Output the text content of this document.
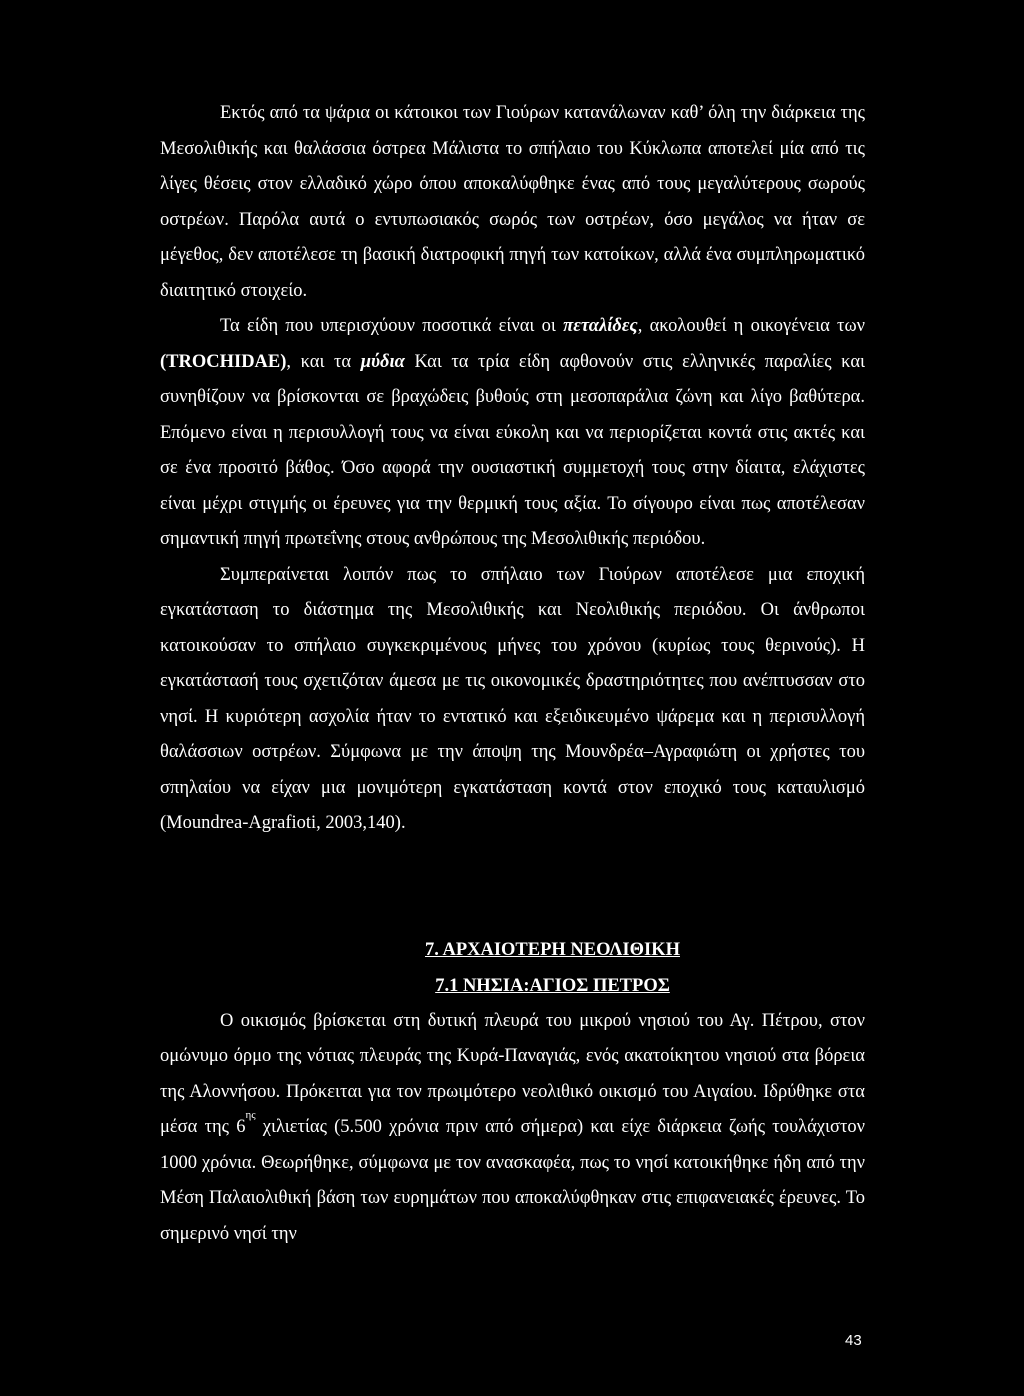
Εκτός από τα ψάρια οι κάτοικοι των Γιούρων κατανάλωναν καθ’ όλη την διάρκεια της Μεσολιθικής και θαλάσσια όστρεα Μάλιστα το σπήλαιο του Κύκλωπα αποτελεί μία από τις λίγες θέσεις στον ελλαδικό χώρο όπου αποκαλύφθηκε ένας από τους μεγαλύτερους σωρούς οστρέων. Παρόλα αυτά ο εντυπωσιακός σωρός των οστρέων, όσο μεγάλος να ήταν σε μέγεθος, δεν αποτέλεσε τη βασική διατροφική πηγή των κατοίκων, αλλά ένα συμπληρωματικό διαιτητικό στοιχείο.

Τα είδη που υπερισχύουν ποσοτικά είναι οι πεταλίδες, ακολουθεί η οικογένεια των (TROCHIDAE), και τα μύδια Και τα τρία είδη αφθονούν στις ελληνικές παραλίες και συνηθίζουν να βρίσκονται σε βραχώδεις βυθούς στη μεσοπαράλια ζώνη και λίγο βαθύτερα. Επόμενο είναι η περισυλλογή τους να είναι εύκολη και να περιορίζεται κοντά στις ακτές και σε ένα προσιτό βάθος. Όσο αφορά την ουσιαστική συμμετοχή τους στην δίαιτα, ελάχιστες είναι μέχρι στιγμής οι έρευνες για την θερμική τους αξία. Το σίγουρο είναι πως αποτέλεσαν σημαντική πηγή πρωτεΐνης στους ανθρώπους της Μεσολιθικής περιόδου.

Συμπεραίνεται λοιπόν πως το σπήλαιο των Γιούρων αποτέλεσε μια εποχική εγκατάσταση το διάστημα της Μεσολιθικής και Νεολιθικής περιόδου. Οι άνθρωποι κατοικούσαν το σπήλαιο συγκεκριμένους μήνες του χρόνου (κυρίως τους θερινούς). Η εγκατάστασή τους σχετιζόταν άμεσα με τις οικονομικές δραστηριότητες που ανέπτυσσαν στο νησί. Η κυριότερη ασχολία ήταν το εντατικό και εξειδικευμένο ψάρεμα και η περισυλλογή θαλάσσιων οστρέων. Σύμφωνα με την άποψη της Μουνδρέα–Αγραφιώτη οι χρήστες του σπηλαίου να είχαν μια μονιμότερη εγκατάσταση κοντά στον εποχικό τους καταυλισμό (Moundrea-Agrafioti, 2003,140).

7. ΑΡΧΑΙΟΤΕΡΗ ΝΕΟΛΙΘΙΚΗ
7.1 ΝΗΣΙΑ:ΑΓΙΟΣ ΠΕΤΡΟΣ

Ο οικισμός βρίσκεται στη δυτική πλευρά του μικρού νησιού του Αγ. Πέτρου, στον ομώνυμο όρμο της νότιας πλευράς της Κυρά-Παναγιάς, ενός ακατοίκητου νησιού στα βόρεια της Αλοννήσου. Πρόκειται για τον πρωιμότερο νεολιθικό οικισμό του Αιγαίου. Ιδρύθηκε στα μέσα της $6^{\eta\varsigma}$ χιλιετίας (5.500 χρόνια πριν από σήμερα) και είχε διάρκεια ζωής τουλάχιστον 1000 χρόνια. Θεωρήθηκε, σύμφωνα με τον ανασκαφέα, πως το νησί κατοικήθηκε ήδη από την Μέση Παλαιολιθική βάση των ευρημάτων που αποκαλύφθηκαν στις επιφανειακές έρευνες. Το σημερινό νησί την

43
